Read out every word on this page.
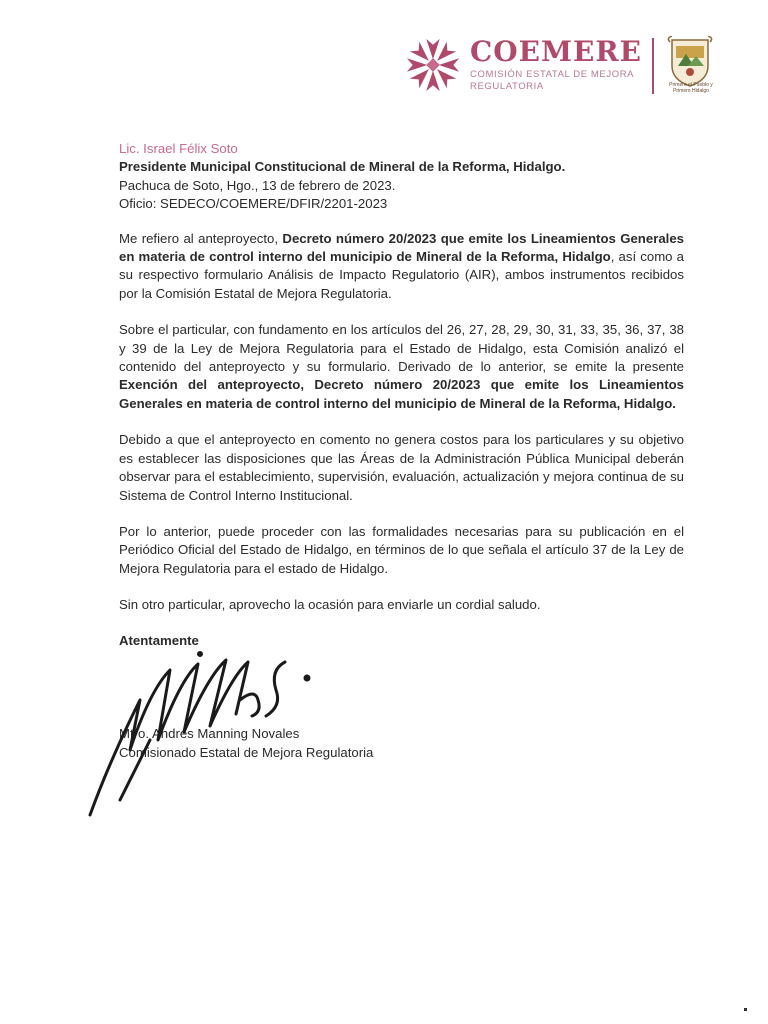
COEMERE
COMISIÓN ESTATAL DE MEJORA
REGULATORIA	Primero el Pueblo y Primero Hidalgo
Lic. Israel Félix Soto
Presidente Municipal Constitucional de Mineral de la Reforma, Hidalgo.
Pachuca de Soto, Hgo., 13 de febrero de 2023.
Oficio: SEDECO/COEMERE/DFIR/2201-2023

Me refiero al anteproyecto, Decreto número 20/2023 que emite los Lineamientos Generales en materia de control interno del municipio de Mineral de la Reforma, Hidalgo, así como a su respectivo formulario Análisis de Impacto Regulatorio (AIR), ambos instrumentos recibidos por la Comisión Estatal de Mejora Regulatoria.

Sobre el particular, con fundamento en los artículos del 26, 27, 28, 29, 30, 31, 33, 35, 36, 37, 38 y 39 de la Ley de Mejora Regulatoria para el Estado de Hidalgo, esta Comisión analizó el contenido del anteproyecto y su formulario. Derivado de lo anterior, se emite la presente Exención del anteproyecto, Decreto número 20/2023 que emite los Lineamientos Generales en materia de control interno del municipio de Mineral de la Reforma, Hidalgo.

Debido a que el anteproyecto en comento no genera costos para los particulares y su objetivo es establecer las disposiciones que las Áreas de la Administración Pública Municipal deberán observar para el establecimiento, supervisión, evaluación, actualización y mejora continua de su Sistema de Control Interno Institucional.

Por lo anterior, puede proceder con las formalidades necesarias para su publicación en el Periódico Oficial del Estado de Hidalgo, en términos de lo que señala el artículo 37 de la Ley de Mejora Regulatoria para el estado de Hidalgo.

Sin otro particular, aprovecho la ocasión para enviarle un cordial saludo.

Atentamente
Mtro. Andrés Manning Novales
Comisionado Estatal de Mejora Regulatoria
